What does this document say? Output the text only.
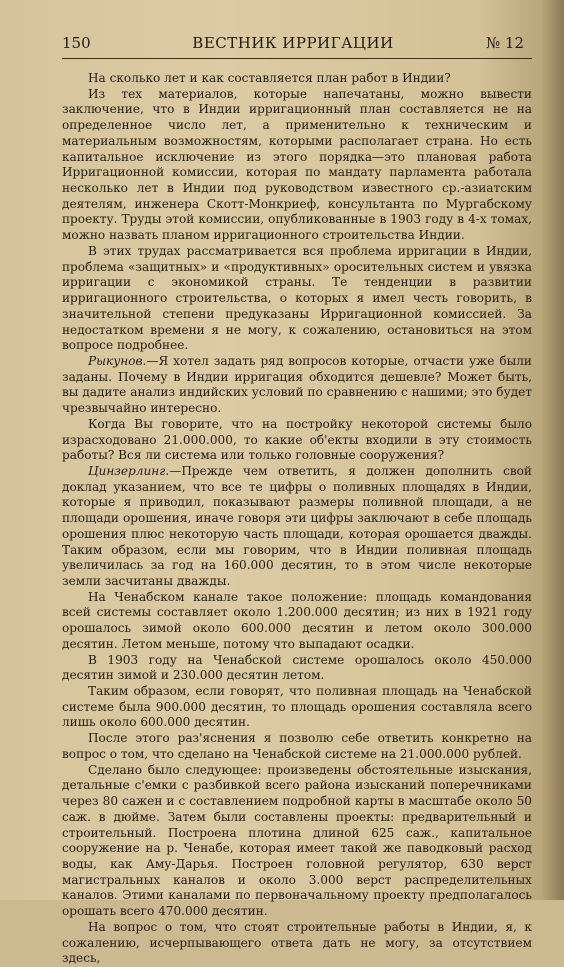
150	ВЕСТНИК ИРРИГАЦИИ	№ 12

На сколько лет и как составляется план работ в Индии?

Из тех материалов, которые напечатаны, можно вывести заключение, что в Индии ирригационный план составляется не на определенное число лет, а применительно к техническим и материальным возможностям, которыми располагает страна. Но есть капитальное исключение из этого порядка—это плановая работа Ирригационной комиссии, которая по мандату парламента работала несколько лет в Индии под руководством известного ср.-азиатским деятелям, инженера Скотт-Монкриеф, консультанта по Мургабскому проекту. Труды этой комиссии, опубликованные в 1903 году в 4-х томах, можно назвать планом ирригационного строительства Индии.

В этих трудах рассматривается вся проблема ирригации в Индии, проблема «защитных» и «продуктивных» оросительных систем и увязка ирригации с экономикой страны. Те тенденции в развитии ирригационного строительства, о которых я имел честь говорить, в значительной степени предуказаны Ирригационной комиссией. За недостатком времени я не могу, к сожалению, остановиться на этом вопросе подробнее.

Рыкунов.—Я хотел задать ряд вопросов которые, отчасти уже были заданы. Почему в Индии ирригация обходится дешевле? Может быть, вы дадите анализ индийских условий по сравнению с нашими; это будет чрезвычайно интересно.

Когда Вы говорите, что на постройку некоторой системы было израсходовано 21.000.000, то какие об'екты входили в эту стоимость работы? Вся ли система или только головные сооружения?

Цинзерлинг.—Прежде чем ответить, я должен дополнить свой доклад указанием, что все те цифры о поливных площадях в Индии, которые я приводил, показывают размеры поливной площади, а не площади орошения, иначе говоря эти цифры заключают в себе площадь орошения плюс некоторую часть площади, которая орошается дважды. Таким образом, если мы говорим, что в Индии поливная площадь увеличилась за год на 160.000 десятин, то в этом числе некоторые земли засчитаны дважды.

На Ченабском канале такое положение: площадь командования всей системы составляет около 1.200.000 десятин; из них в 1921 году орошалось зимой около 600.000 десятин и летом около 300.000 десятин. Летом меньше, потому что выпадают осадки.

В 1903 году на Ченабской системе орошалось около 450.000 десятин зимой и 230.000 десятин летом.

Таким образом, если говорят, что поливная площадь на Ченабской системе была 900.000 десятин, то площадь орошения составляла всего лишь около 600.000 десятин.

После этого раз'яснения я позволю себе ответить конкретно на вопрос о том, что сделано на Ченабской системе на 21.000.000 рублей.

Сделано было следующее: произведены обстоятельные изыскания, детальные с'емки с разбивкой всего района изысканий поперечниками через 80 сажен и с составлением подробной карты в масштабе около 50 саж. в дюйме. Затем были составлены проекты: предварительный и строительный. Построена плотина длиной 625 саж., капитальное сооружение на р. Ченабе, которая имеет такой же паводковый расход воды, как Аму-Дарья. Построен головной регулятор, 630 верст магистральных каналов и около 3.000 верст распределительных каналов. Этими каналами по первоначальному проекту предполагалось орошать всего 470.000 десятин.

На вопрос о том, что стоят строительные работы в Индии, я, к сожалению, исчерпывающего ответа дать не могу, за отсутствием здесь,
